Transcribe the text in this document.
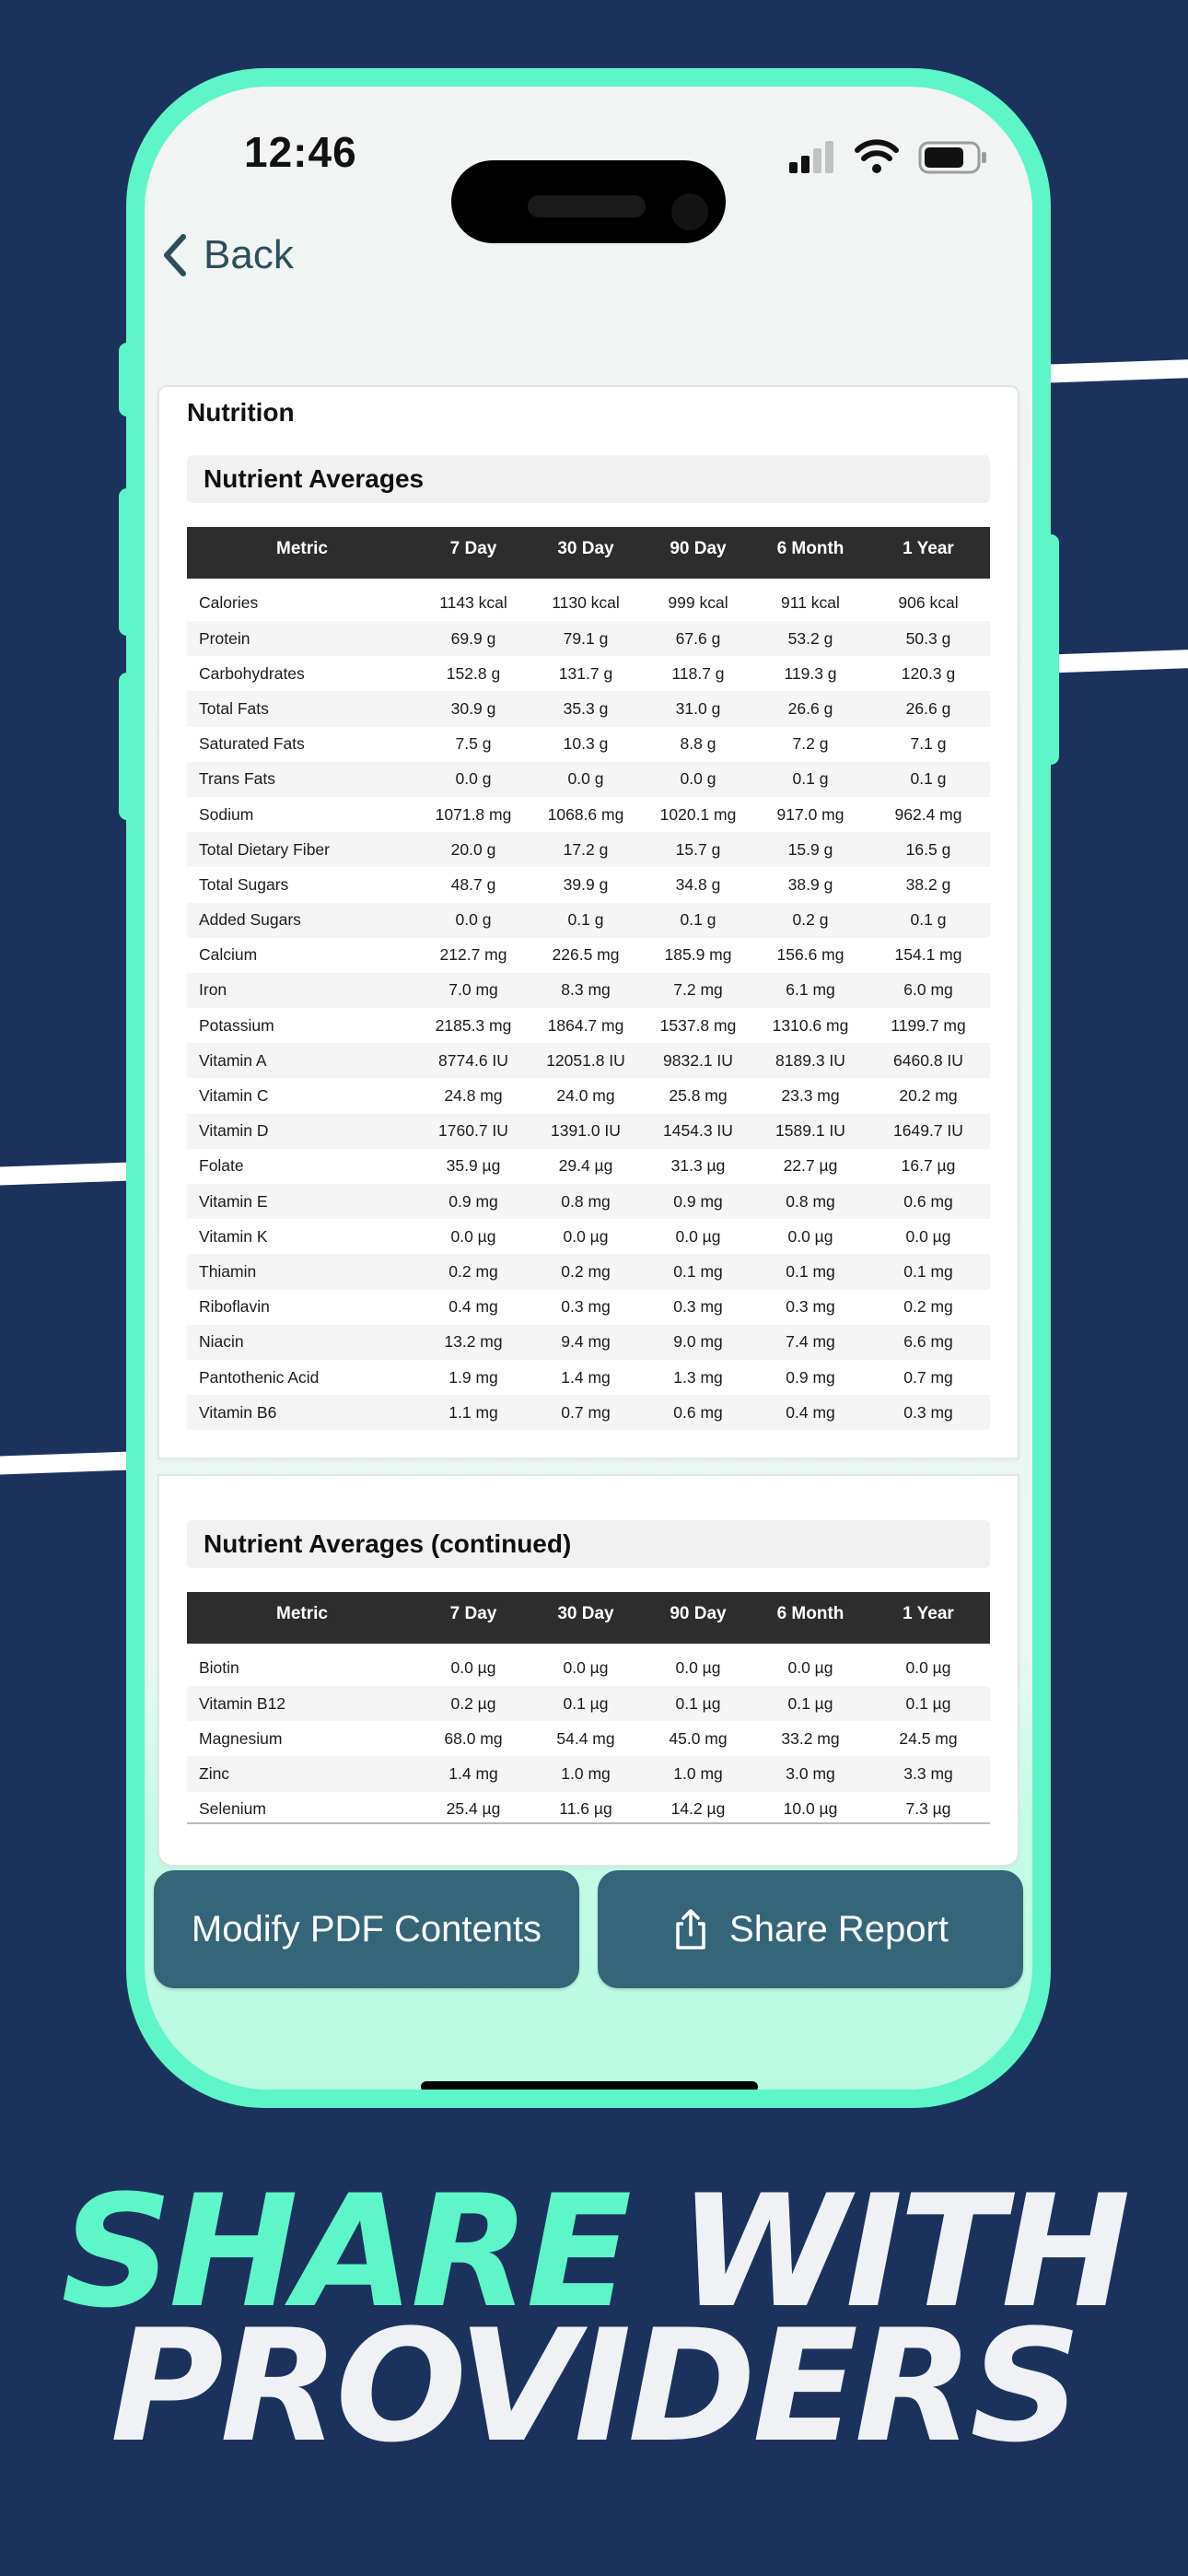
12:46
Back
Nutrition
Nutrient Averages
Metric	7 Day	30 Day	90 Day	6 Month	1 Year
Calories	1143 kcal	1130 kcal	999 kcal	911 kcal	906 kcal
Protein	69.9 g	79.1 g	67.6 g	53.2 g	50.3 g
Carbohydrates	152.8 g	131.7 g	118.7 g	119.3 g	120.3 g
Total Fats	30.9 g	35.3 g	31.0 g	26.6 g	26.6 g
Saturated Fats	7.5 g	10.3 g	8.8 g	7.2 g	7.1 g
Trans Fats	0.0 g	0.0 g	0.0 g	0.1 g	0.1 g
Sodium	1071.8 mg	1068.6 mg	1020.1 mg	917.0 mg	962.4 mg
Total Dietary Fiber	20.0 g	17.2 g	15.7 g	15.9 g	16.5 g
Total Sugars	48.7 g	39.9 g	34.8 g	38.9 g	38.2 g
Added Sugars	0.0 g	0.1 g	0.1 g	0.2 g	0.1 g
Calcium	212.7 mg	226.5 mg	185.9 mg	156.6 mg	154.1 mg
Iron	7.0 mg	8.3 mg	7.2 mg	6.1 mg	6.0 mg
Potassium	2185.3 mg	1864.7 mg	1537.8 mg	1310.6 mg	1199.7 mg
Vitamin A	8774.6 IU	12051.8 IU	9832.1 IU	8189.3 IU	6460.8 IU
Vitamin C	24.8 mg	24.0 mg	25.8 mg	23.3 mg	20.2 mg
Vitamin D	1760.7 IU	1391.0 IU	1454.3 IU	1589.1 IU	1649.7 IU
Folate	35.9 µg	29.4 µg	31.3 µg	22.7 µg	16.7 µg
Vitamin E	0.9 mg	0.8 mg	0.9 mg	0.8 mg	0.6 mg
Vitamin K	0.0 µg	0.0 µg	0.0 µg	0.0 µg	0.0 µg
Thiamin	0.2 mg	0.2 mg	0.1 mg	0.1 mg	0.1 mg
Riboflavin	0.4 mg	0.3 mg	0.3 mg	0.3 mg	0.2 mg
Niacin	13.2 mg	9.4 mg	9.0 mg	7.4 mg	6.6 mg
Pantothenic Acid	1.9 mg	1.4 mg	1.3 mg	0.9 mg	0.7 mg
Vitamin B6	1.1 mg	0.7 mg	0.6 mg	0.4 mg	0.3 mg
Nutrient Averages (continued)
Metric	7 Day	30 Day	90 Day	6 Month	1 Year
Biotin	0.0 µg	0.0 µg	0.0 µg	0.0 µg	0.0 µg
Vitamin B12	0.2 µg	0.1 µg	0.1 µg	0.1 µg	0.1 µg
Magnesium	68.0 mg	54.4 mg	45.0 mg	33.2 mg	24.5 mg
Zinc	1.4 mg	1.0 mg	1.0 mg	3.0 mg	3.3 mg
Selenium	25.4 µg	11.6 µg	14.2 µg	10.0 µg	7.3 µg
Modify PDF Contents	Share Report
SHARE WITH
PROVIDERS
